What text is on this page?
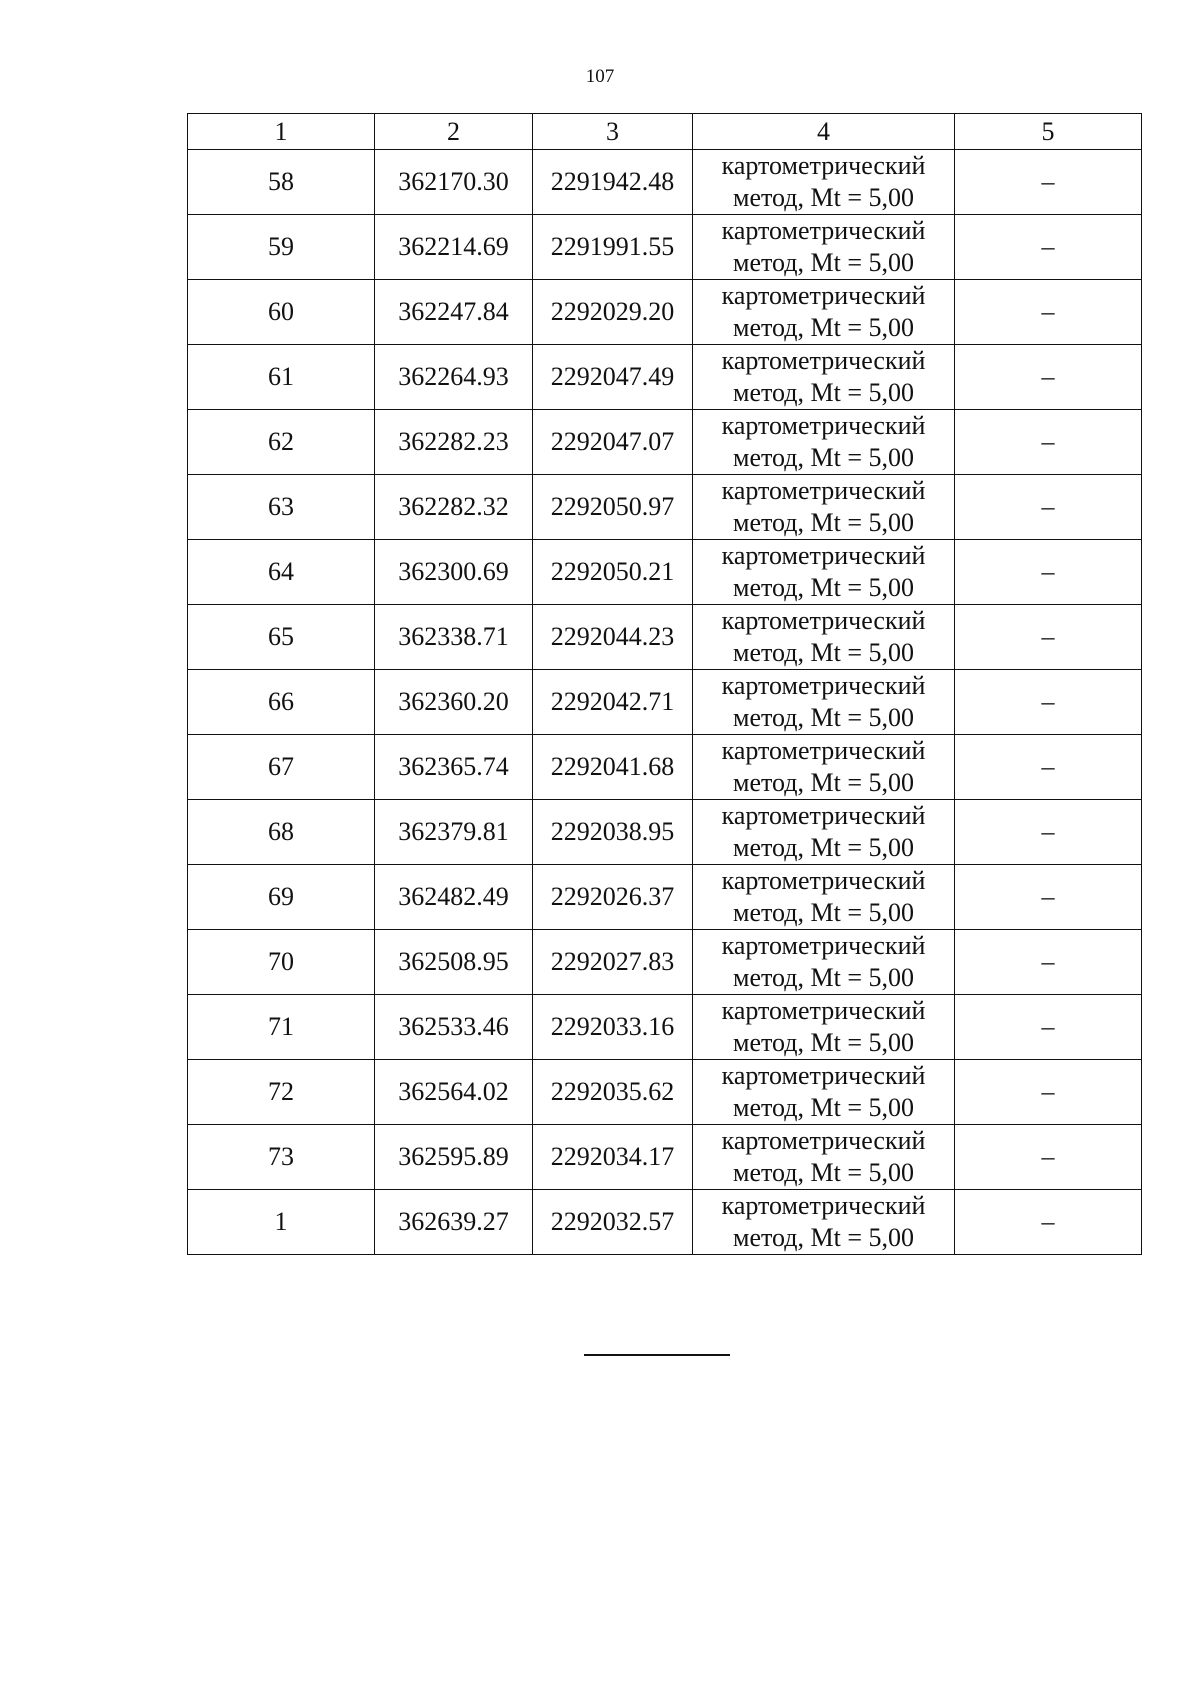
107
1	2	3	4	5
58	362170.30	2291942.48	картометрический
метод, Mt = 5,00	–
59	362214.69	2291991.55	картометрический
метод, Mt = 5,00	–
60	362247.84	2292029.20	картометрический
метод, Mt = 5,00	–
61	362264.93	2292047.49	картометрический
метод, Mt = 5,00	–
62	362282.23	2292047.07	картометрический
метод, Mt = 5,00	–
63	362282.32	2292050.97	картометрический
метод, Mt = 5,00	–
64	362300.69	2292050.21	картометрический
метод, Mt = 5,00	–
65	362338.71	2292044.23	картометрический
метод, Mt = 5,00	–
66	362360.20	2292042.71	картометрический
метод, Mt = 5,00	–
67	362365.74	2292041.68	картометрический
метод, Mt = 5,00	–
68	362379.81	2292038.95	картометрический
метод, Mt = 5,00	–
69	362482.49	2292026.37	картометрический
метод, Mt = 5,00	–
70	362508.95	2292027.83	картометрический
метод, Mt = 5,00	–
71	362533.46	2292033.16	картометрический
метод, Mt = 5,00	–
72	362564.02	2292035.62	картометрический
метод, Mt = 5,00	–
73	362595.89	2292034.17	картометрический
метод, Mt = 5,00	–
1	362639.27	2292032.57	картометрический
метод, Mt = 5,00	–
